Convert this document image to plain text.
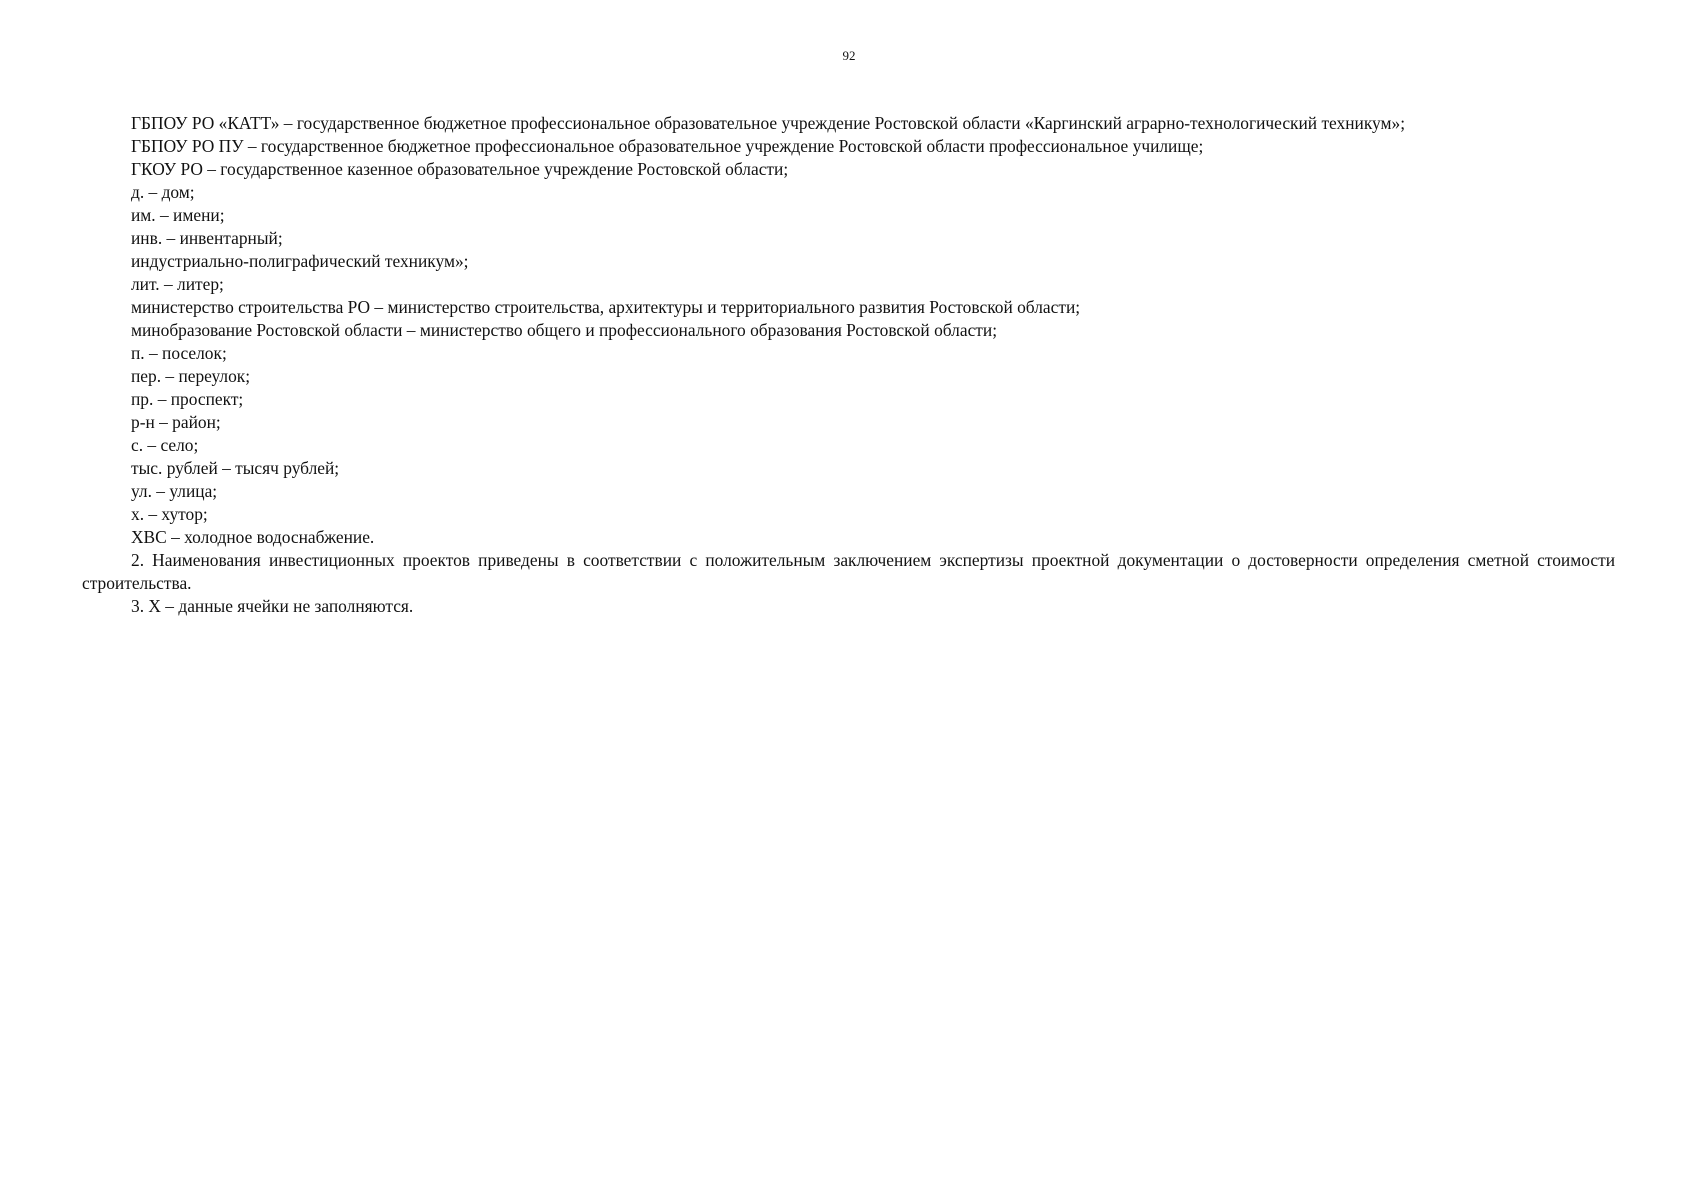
92
ГБПОУ РО «КАТТ» – государственное бюджетное профессиональное образовательное учреждение Ростовской области «Каргинский аграрно-технологический техникум»;
ГБПОУ РО ПУ – государственное бюджетное профессиональное образовательное учреждение Ростовской области профессиональное училище;
ГКОУ РО – государственное казенное образовательное учреждение Ростовской области;
д. – дом;
им. – имени;
инв. – инвентарный;
индустриально-полиграфический техникум»;
лит. – литер;
министерство строительства РО – министерство строительства, архитектуры и территориального развития Ростовской области;
минобразование Ростовской области – министерство общего и профессионального образования Ростовской области;
п. – поселок;
пер. – переулок;
пр. – проспект;
р-н – район;
с. – село;
тыс. рублей – тысяч рублей;
ул. – улица;
х. – хутор;
ХВС – холодное водоснабжение.
2. Наименования инвестиционных проектов приведены в соответствии с положительным заключением экспертизы проектной документации о достоверности определения сметной стоимости строительства.
3. Х – данные ячейки не заполняются.
